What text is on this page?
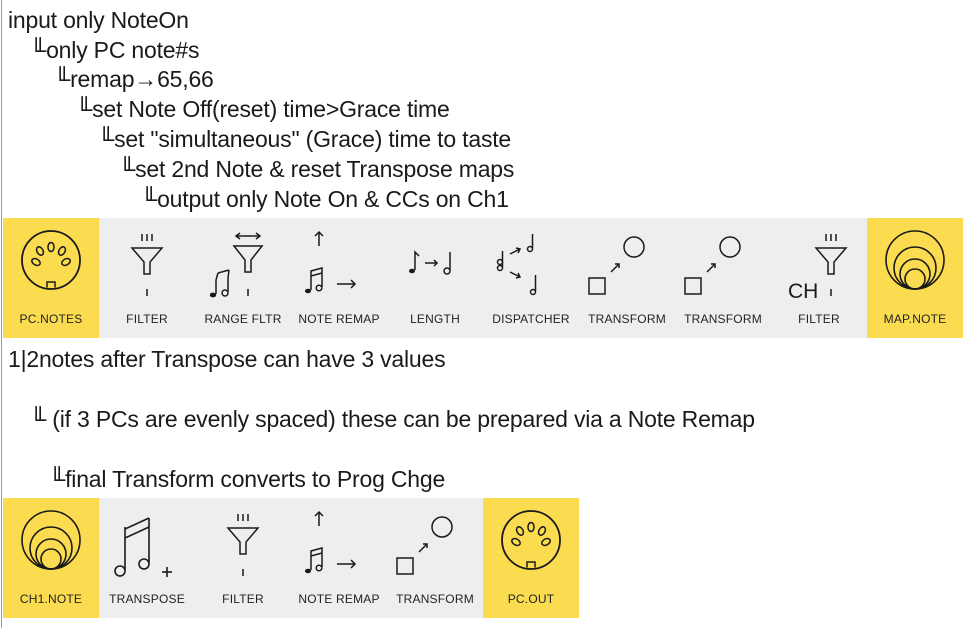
input only NoteOn
╙only PC note#s
╙remap→65,66
╙set Note Off(reset) time>Grace time
╙set "simultaneous" (Grace) time to taste
╙set 2nd Note & reset Transpose maps
╙output only Note On & CCs on Ch1
PC.NOTES	FILTER	RANGE FLTR	NOTE REMAP	LENGTH	DISPATCHER	TRANSFORM	TRANSFORM
CH
FILTER	MAP.NOTE
1|2notes after Transpose can have 3 values
╙ (if 3 PCs are evenly spaced) these can be prepared via a Note Remap
╙final Transform converts to Prog Chge
CH1.NOTE	TRANSPOSE	FILTER	NOTE REMAP	TRANSFORM	PC.OUT
